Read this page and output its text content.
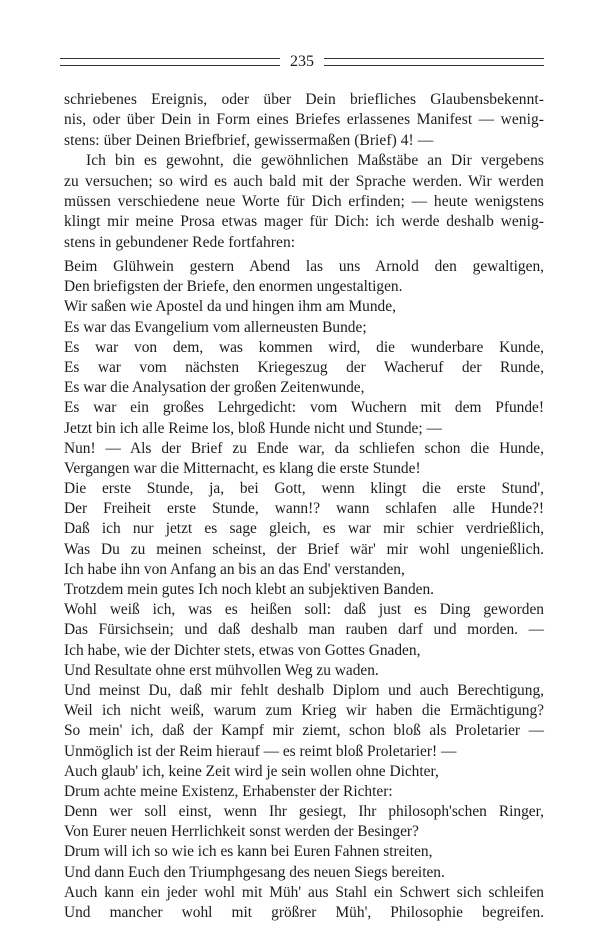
235
schriebenes Ereignis, oder über Dein briefliches Glaubensbekennt-
nis, oder über Dein in Form eines Briefes erlassenes Manifest — wenig-
stens: über Deinen Briefbrief, gewissermaßen (Brief) 4! —
Ich bin es gewohnt, die gewöhnlichen Maßstäbe an Dir vergebens
zu versuchen; so wird es auch bald mit der Sprache werden. Wir werden
müssen verschiedene neue Worte für Dich erfinden; — heute wenigstens
klingt mir meine Prosa etwas mager für Dich: ich werde deshalb wenig-
stens in gebundener Rede fortfahren:
Beim Glühwein gestern Abend las uns Arnold den gewaltigen,
Den briefigsten der Briefe, den enormen ungestaltigen.
Wir saßen wie Apostel da und hingen ihm am Munde,
Es war das Evangelium vom allerneusten Bunde;
Es war von dem, was kommen wird, die wunderbare Kunde,
Es war vom nächsten Kriegeszug der Wacheruf der Runde,
Es war die Analysation der großen Zeitenwunde,
Es war ein großes Lehrgedicht: vom Wuchern mit dem Pfunde!
Jetzt bin ich alle Reime los, bloß Hunde nicht und Stunde; —
Nun! — Als der Brief zu Ende war, da schliefen schon die Hunde,
Vergangen war die Mitternacht, es klang die erste Stunde!
Die erste Stunde, ja, bei Gott, wenn klingt die erste Stund',
Der Freiheit erste Stunde, wann!? wann schlafen alle Hunde?!
Daß ich nur jetzt es sage gleich, es war mir schier verdrießlich,
Was Du zu meinen scheinst, der Brief wär' mir wohl ungenießlich.
Ich habe ihn von Anfang an bis an das End' verstanden,
Trotzdem mein gutes Ich noch klebt an subjektiven Banden.
Wohl weiß ich, was es heißen soll: daß just es Ding geworden
Das Fürsichsein; und daß deshalb man rauben darf und morden. —
Ich habe, wie der Dichter stets, etwas von Gottes Gnaden,
Und Resultate ohne erst mühvollen Weg zu waden.
Und meinst Du, daß mir fehlt deshalb Diplom und auch Berechtigung,
Weil ich nicht weiß, warum zum Krieg wir haben die Ermächtigung?
So mein' ich, daß der Kampf mir ziemt, schon bloß als Proletarier —
Unmöglich ist der Reim hierauf — es reimt bloß Proletarier! —
Auch glaub' ich, keine Zeit wird je sein wollen ohne Dichter,
Drum achte meine Existenz, Erhabenster der Richter:
Denn wer soll einst, wenn Ihr gesiegt, Ihr philosoph'schen Ringer,
Von Eurer neuen Herrlichkeit sonst werden der Besinger?
Drum will ich so wie ich es kann bei Euren Fahnen streiten,
Und dann Euch den Triumphgesang des neuen Siegs bereiten.
Auch kann ein jeder wohl mit Müh' aus Stahl ein Schwert sich schleifen
Und mancher wohl mit größrer Müh', Philosophie begreifen.
